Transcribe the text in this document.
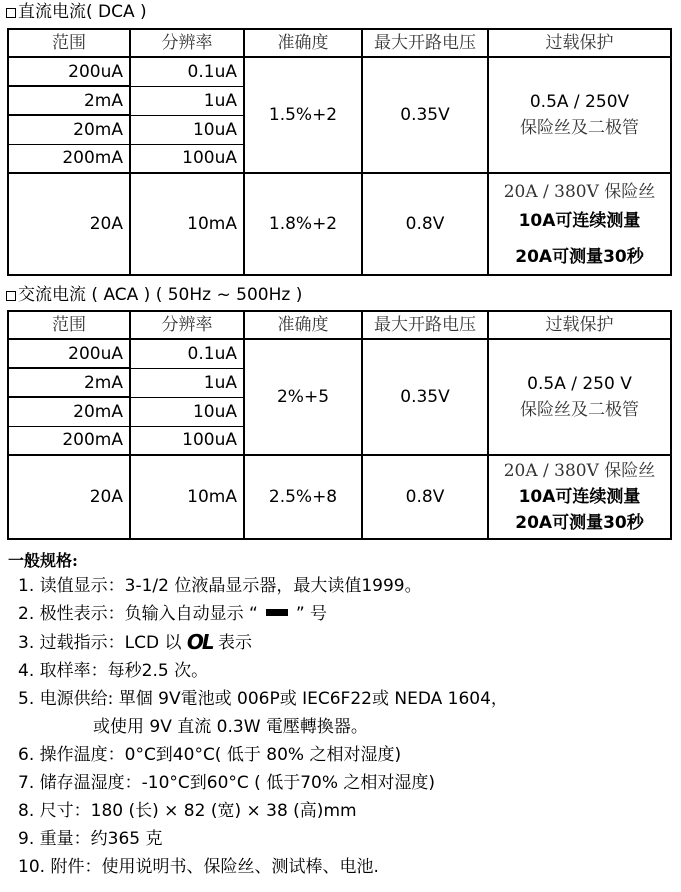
直流电流( DCA )
范围	分辨率	准确度	最大开路电压	过载保护
200uA	0.1uA	1.5%+2	0.35V	0.5A / 250V
保险丝及二极管

2mA	1uA			
20mA	10uA			
200mA	100uA			
20A	10mA	1.8%+2	0.8V	20A / 380V 保险丝
10A可连续测量
20A可测量30秒
交流电流 ( ACA ) ( 50Hz ~ 500Hz )
范围	分辨率	准确度	最大开路电压	过载保护
200uA	0.1uA	2%+5	0.35V	0.5A / 250 V
保险丝及二极管

2mA	1uA			
20mA	10uA			
200mA	100uA			
20A	10mA	2.5%+8	0.8V	20A / 380V 保险丝
10A可连续测量
20A可测量30秒
一般规格:
1. 读值显示：3-1/2 位液晶显示器，最大读值1999。
2. 极性表示：负输入自动显示 “ ” 号
3. 过载指示：LCD 以 OL 表示
4. 取样率：每秒2.5 次。
5. 电源供给: 單個 9V電池或 006P或 IEC6F22或 NEDA 1604，
或使用 9V 直流 0.3W 電壓轉換器。
6. 操作温度：0°C到40°C( 低于 80% 之相对湿度)
7. 储存温湿度：-10°C到60°C ( 低于70% 之相对湿度)
8. 尺寸：180 (长) × 82 (宽) × 38 (高)mm
9. 重量：约365 克
10. 附件：使用说明书、保险丝、测试棒、电池.
